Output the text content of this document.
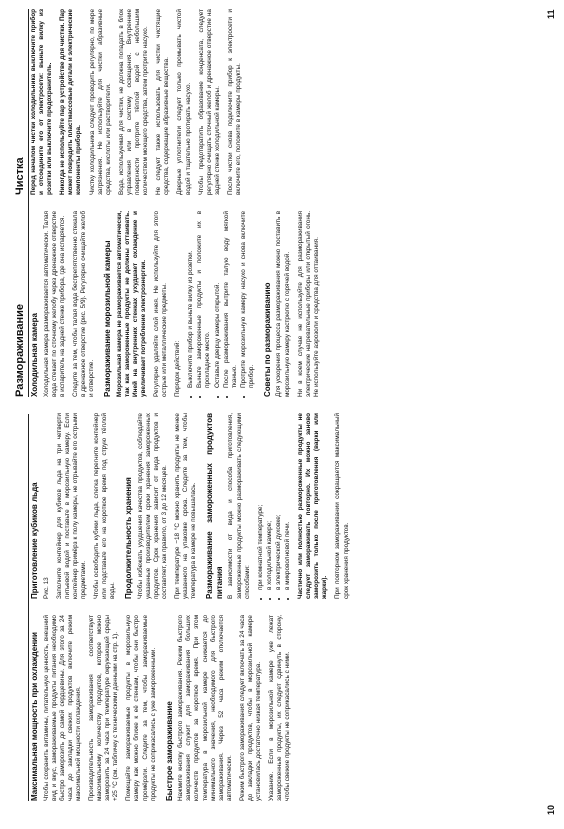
Размораживание
Чистка
Максимальная мощность при охлаждении Чтобы сохранить витамины, питательную ценность, внешний вид и вкус, замораживаемые продукты питания необходимо быстро заморозить до самой сердцевины. Для этого за 24 часа до закладки свежих продуктов включите режим максимальной мощности охлаждения. Производительность замораживания соответствует максимальному количеству продуктов, которое можно заморозить за 24 часа при температуре окружающей среды +25 °C (см. табличку с техническими данными на стр. 1). Помещайте замораживаемые продукты в морозильную камеру как можно ближе к её стенкам, чтобы они быстро промёрзли. Следите за тем, чтобы замораживаемые продукты не соприкасались с уже замороженными. Быстрое замораживание Нажмите кнопку быстрого замораживания. Режим быстрого замораживания служит для замораживания больших количеств продуктов за короткое время. При этом температура в морозильной камере снижается до минимального значения, необходимого для быстрого замораживания. Через 52 часа режим отключается автоматически. Режим быстрого замораживания следует включать за 24 часа до закладки продуктов, чтобы в морозильной камере установилась достаточно низкая температура. Указание. Если в морозильной камере уже лежат замороженные продукты, их следует сдвинуть в сторону, чтобы свежие продукты не соприкасались с ними.

Приготовление кубиков льда Рис. 13 Заполните контейнер для кубиков льда на три четверти питьевой водой и поставьте в морозильную камеру. Если контейнер примёрз к полу камеры, не отрывайте его острыми предметами. Чтобы освободить кубики льда, слегка перегните контейнер или подставьте его на короткое время под струю тёплой воды. Продолжительность хранения Чтобы избежать ухудшения качества продуктов, соблюдайте указанные производителем сроки хранения замороженных продуктов. Срок хранения зависит от вида продуктов и составляет, как правило, от 3 до 12 месяцев. При температуре −18 °C можно хранить продукты не менее указанного на упаковке срока. Следите за тем, чтобы температура в камере не повышалась. Размораживание замороженных продуктов питания В зависимости от вида и способа приготовления, замороженные продукты можно размораживать следующими способами: • при комнатной температуре; • в холодильной камере; • в электрической духовке; • в микроволновой печи. Частично или полностью размороженные продукты не следует замораживать повторно. Их можно заново заморозить только после приготовления (варки или жарки). При повторном замораживании сокращается максимальный срок хранения продуктов.

Холодильная камера Холодильная камера размораживается автоматически. Талая вода стекает по сточному желобу через дренажное отверстие в испаритель на задней стенке прибора, где она испаряется. Следите за тем, чтобы талая вода беспрепятственно стекала в дренажное отверстие (рис. 5/9). Регулярно очищайте желоб и отверстие. Размораживание морозильной камеры Морозильная камера не размораживается автоматически, так как замороженные продукты не должны оттаивать. Иней на внутренних стенках ухудшает охлаждение и увеличивает потребление электроэнергии. Регулярно удаляйте слой инея. Не используйте для этого острые или металлические предметы. Порядок действий: • Выключите прибор и выньте вилку из розетки. • Выньте замороженные продукты и положите их в прохладное место. • Оставьте дверцу камеры открытой. • После размораживания вытрите талую воду мягкой тканью. • Протрите морозильную камеру насухо и снова включите прибор. Советы по размораживанию Для ускорения процесса размораживания можно поставить в морозильную камеру кастрюлю с горячей водой. Ни в коем случае не используйте для размораживания электрические нагревательные приборы или открытый огонь. Не используйте аэрозоли и средства для оттаивания.

Перед началом чистки холодильника выключите прибор и отсоедините его от электросети: выньте вилку из розетки или выключите предохранитель. Никогда не используйте пар в устройстве для чистки. Пар может повредить пластмассовые детали и электрические компоненты прибора. Чистку холодильника следует проводить регулярно, по мере загрязнения. Не используйте для чистки абразивные средства, кислоты или растворители. Вода, используемая для чистки, не должна попадать в блок управления или в систему освещения. Внутренние поверхности протрите тёплой водой с небольшим количеством моющего средства, затем протрите насухо. Не следует также использовать для чистки чистящие средства, содержащие абразивные вещества. Дверные уплотнители следует только промывать чистой водой и тщательно протирать насухо. Чтобы предотвратить образование конденсата, следует регулярно очищать сточный желоб и дренажное отверстие на задней стенке холодильной камеры. После чистки снова подключите прибор к электросети и включите его, положите в камеры продукты.

10
11
